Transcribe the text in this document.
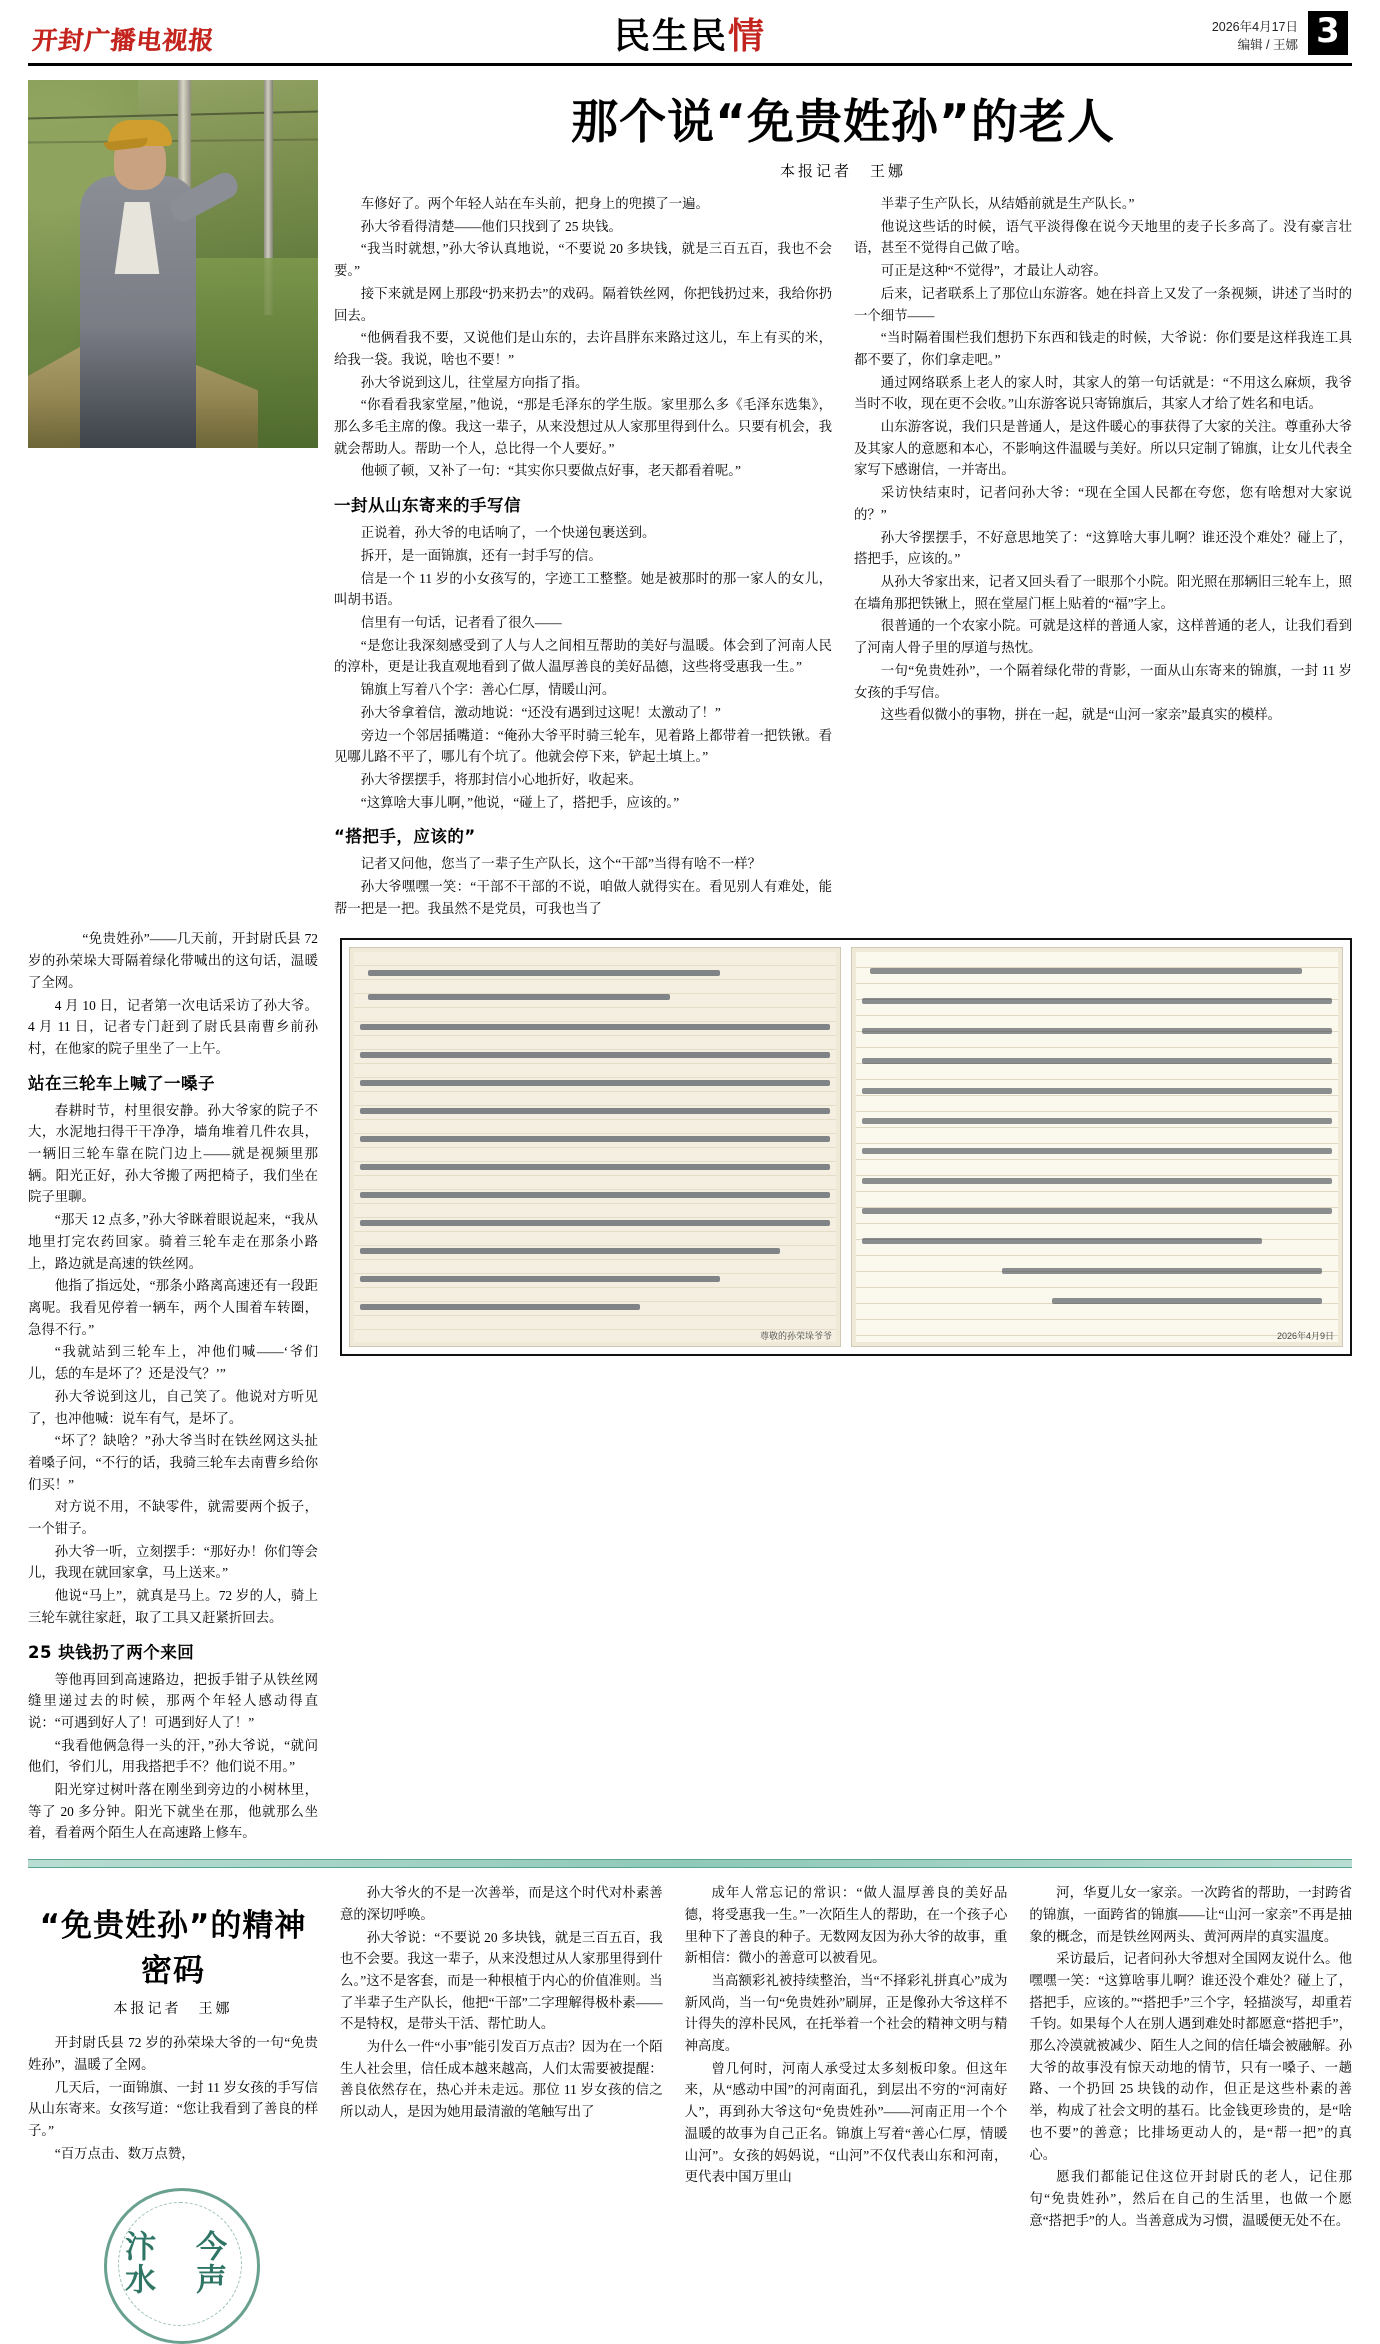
开封广播电视报	民生民情	2026年4月17日
编辑 / 王娜 3
那个说“免贵姓孙”的老人
本报记者　王娜

车修好了。两个年轻人站在车头前，把身上的兜摸了一遍。

孙大爷看得清楚——他们只找到了 25 块钱。

“我当时就想，”孙大爷认真地说，“不要说 20 多块钱，就是三百五百，我也不会要。”

接下来就是网上那段“扔来扔去”的戏码。隔着铁丝网，你把钱扔过来，我给你扔回去。

“他俩看我不要，又说他们是山东的，去许昌胖东来路过这儿，车上有买的米，给我一袋。我说，啥也不要！”

孙大爷说到这儿，往堂屋方向指了指。

“你看看我家堂屋，”他说，“那是毛泽东的学生版。家里那么多《毛泽东选集》，那么多毛主席的像。我这一辈子，从来没想过从人家那里得到什么。只要有机会，我就会帮助人。帮助一个人，总比得一个人要好。”

他顿了顿，又补了一句：“其实你只要做点好事，老天都看着呢。”

一封从山东寄来的手写信

正说着，孙大爷的电话响了，一个快递包裹送到。

拆开，是一面锦旗，还有一封手写的信。

信是一个 11 岁的小女孩写的，字迹工工整整。她是被那时的那一家人的女儿，叫胡书语。

信里有一句话，记者看了很久——

“是您让我深刻感受到了人与人之间相互帮助的美好与温暖。体会到了河南人民的淳朴，更是让我直观地看到了做人温厚善良的美好品德，这些将受惠我一生。”

锦旗上写着八个字：善心仁厚，情暖山河。

孙大爷拿着信，激动地说：“还没有遇到过这呢！太激动了！”

旁边一个邻居插嘴道：“俺孙大爷平时骑三轮车，见着路上都带着一把铁锹。看见哪儿路不平了，哪儿有个坑了。他就会停下来，铲起土填上。”

孙大爷摆摆手，将那封信小心地折好，收起来。

“这算啥大事儿啊，”他说，“碰上了，搭把手，应该的。”

“搭把手，应该的”

记者又问他，您当了一辈子生产队长，这个“干部”当得有啥不一样？

孙大爷嘿嘿一笑：“干部不干部的不说，咱做人就得实在。看见别人有难处，能帮一把是一把。我虽然不是党员，可我也当了

半辈子生产队长，从结婚前就是生产队长。”

他说这些话的时候，语气平淡得像在说今天地里的麦子长多高了。没有豪言壮语，甚至不觉得自己做了啥。

可正是这种“不觉得”，才最让人动容。

后来，记者联系上了那位山东游客。她在抖音上又发了一条视频，讲述了当时的一个细节——

“当时隔着围栏我们想扔下东西和钱走的时候，大爷说：你们要是这样我连工具都不要了，你们拿走吧。”

通过网络联系上老人的家人时，其家人的第一句话就是：“不用这么麻烦，我爷当时不收，现在更不会收。”山东游客说只寄锦旗后，其家人才给了姓名和电话。

山东游客说，我们只是普通人，是这件暖心的事获得了大家的关注。尊重孙大爷及其家人的意愿和本心，不影响这件温暖与美好。所以只定制了锦旗，让女儿代表全家写下感谢信，一并寄出。

采访快结束时，记者问孙大爷：“现在全国人民都在夸您，您有啥想对大家说的？”

孙大爷摆摆手，不好意思地笑了：“这算啥大事儿啊？谁还没个难处？碰上了，搭把手，应该的。”

从孙大爷家出来，记者又回头看了一眼那个小院。阳光照在那辆旧三轮车上，照在墙角那把铁锹上，照在堂屋门框上贴着的“福”字上。

很普通的一个农家小院。可就是这样的普通人家，这样普通的老人，让我们看到了河南人骨子里的厚道与热忱。

一句“免贵姓孙”，一个隔着绿化带的背影，一面从山东寄来的锦旗，一封 11 岁女孩的手写信。

这些看似微小的事物，拼在一起，就是“山河一家亲”最真实的模样。

　　“免贵姓孙”——几天前，开封尉氏县 72 岁的孙荣垛大哥隔着绿化带喊出的这句话，温暖了全网。

4 月 10 日，记者第一次电话采访了孙大爷。4 月 11 日，记者专门赶到了尉氏县南曹乡前孙村，在他家的院子里坐了一上午。

站在三轮车上喊了一嗓子

春耕时节，村里很安静。孙大爷家的院子不大，水泥地扫得干干净净，墙角堆着几件农具，一辆旧三轮车靠在院门边上——就是视频里那辆。阳光正好，孙大爷搬了两把椅子，我们坐在院子里聊。

“那天 12 点多，”孙大爷眯着眼说起来，“我从地里打完农药回家。骑着三轮车走在那条小路上，路边就是高速的铁丝网。

他指了指远处，“那条小路离高速还有一段距离呢。我看见停着一辆车，两个人围着车转圈，急得不行。”

“我就站到三轮车上，冲他们喊——‘爷们儿，恁的车是坏了？还是没气？’”

孙大爷说到这儿，自己笑了。他说对方听见了，也冲他喊：说车有气，是坏了。

“坏了？缺啥？”孙大爷当时在铁丝网这头扯着嗓子问，“不行的话，我骑三轮车去南曹乡给你们买！”

对方说不用，不缺零件，就需要两个扳子，一个钳子。

孙大爷一听，立刻摆手：“那好办！你们等会儿，我现在就回家拿，马上送来。”

他说“马上”，就真是马上。72 岁的人，骑上三轮车就往家赶，取了工具又赶紧折回去。

25 块钱扔了两个来回

等他再回到高速路边，把扳手钳子从铁丝网缝里递过去的时候，那两个年轻人感动得直说：“可遇到好人了！可遇到好人了！”

“我看他俩急得一头的汗，”孙大爷说，“就问他们，爷们儿，用我搭把手不？他们说不用。”

阳光穿过树叶落在刚坐到旁边的小树林里，等了 20 多分钟。阳光下就坐在那，他就那么坐着，看着两个陌生人在高速路上修车。

尊敬的孙荣垛爷爷	2026年4月9日
“免贵姓孙”的精神密码
本报记者　王娜

开封尉氏县 72 岁的孙荣垛大爷的一句“免贵姓孙”，温暖了全网。

几天后，一面锦旗、一封 11 岁女孩的手写信从山东寄来。女孩写道：“您让我看到了善良的样子。”

“百万点击、数万点赞，

汴水 今声

孙大爷火的不是一次善举，而是这个时代对朴素善意的深切呼唤。

孙大爷说：“不要说 20 多块钱，就是三百五百，我也不会要。我这一辈子，从来没想过从人家那里得到什么。”这不是客套，而是一种根植于内心的价值准则。当了半辈子生产队长，他把“干部”二字理解得极朴素——不是特权，是带头干活、帮忙助人。

为什么一件“小事”能引发百万点击？因为在一个陌生人社会里，信任成本越来越高，人们太需要被提醒：善良依然存在，热心并未走远。那位 11 岁女孩的信之所以动人，是因为她用最清澈的笔触写出了

成年人常忘记的常识：“做人温厚善良的美好品德，将受惠我一生。”一次陌生人的帮助，在一个孩子心里种下了善良的种子。无数网友因为孙大爷的故事，重新相信：微小的善意可以被看见。

当高额彩礼被持续整治，当“不择彩礼拼真心”成为新风尚，当一句“免贵姓孙”刷屏，正是像孙大爷这样不计得失的淳朴民风，在托举着一个社会的精神文明与精神高度。

曾几何时，河南人承受过太多刻板印象。但这年来，从“感动中国”的河南面孔，到层出不穷的“河南好人”，再到孙大爷这句“免贵姓孙”——河南正用一个个温暖的故事为自己正名。锦旗上写着“善心仁厚，情暖山河”。女孩的妈妈说，“山河”不仅代表山东和河南，更代表中国万里山

河，华夏儿女一家亲。一次跨省的帮助，一封跨省的锦旗，一面跨省的锦旗——让“山河一家亲”不再是抽象的概念，而是铁丝网两头、黄河两岸的真实温度。

采访最后，记者问孙大爷想对全国网友说什么。他嘿嘿一笑：“这算啥事儿啊？谁还没个难处？碰上了，搭把手，应该的。”“搭把手”三个字，轻描淡写，却重若千钧。如果每个人在别人遇到难处时都愿意“搭把手”，那么冷漠就被减少、陌生人之间的信任墙会被融解。孙大爷的故事没有惊天动地的情节，只有一嗓子、一趟路、一个扔回 25 块钱的动作，但正是这些朴素的善举，构成了社会文明的基石。比金钱更珍贵的，是“啥也不要”的善意；比排场更动人的，是“帮一把”的真心。

愿我们都能记住这位开封尉氏的老人，记住那句“免贵姓孙”，然后在自己的生活里，也做一个愿意“搭把手”的人。当善意成为习惯，温暖便无处不在。
